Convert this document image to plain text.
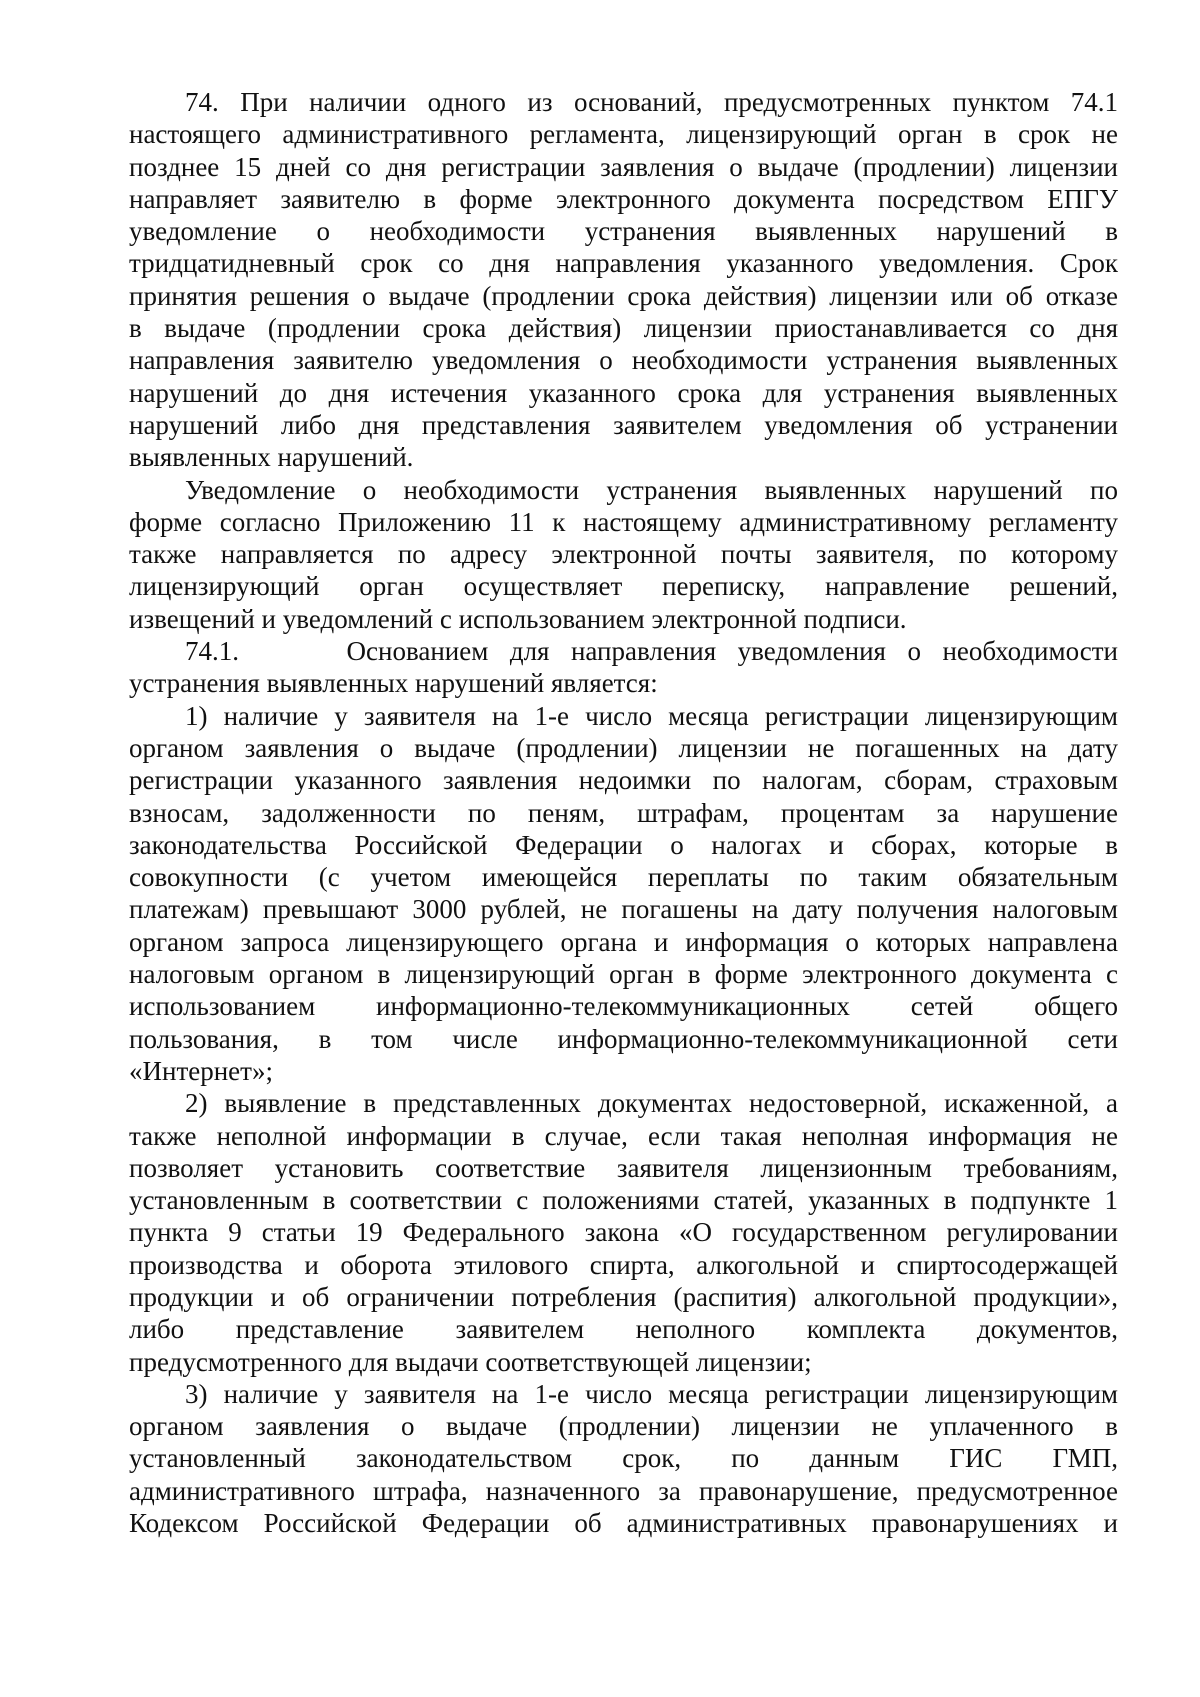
74. При наличии одного из оснований, предусмотренных пунктом 74.1
настоящего административного регламента, лицензирующий орган в срок не
позднее 15 дней со дня регистрации заявления о выдаче (продлении) лицензии
направляет заявителю в форме электронного документа посредством ЕПГУ
уведомление о необходимости устранения выявленных нарушений в
тридцатидневный срок со дня направления указанного уведомления. Срок
принятия решения о выдаче (продлении срока действия) лицензии или об отказе
в выдаче (продлении срока действия) лицензии приостанавливается со дня
направления заявителю уведомления о необходимости устранения выявленных
нарушений до дня истечения указанного срока для устранения выявленных
нарушений либо дня представления заявителем уведомления об устранении
выявленных нарушений.
Уведомление о необходимости устранения выявленных нарушений по
форме согласно Приложению 11 к настоящему административному регламенту
также направляется по адресу электронной почты заявителя, по которому
лицензирующий орган осуществляет переписку, направление решений,
извещений и уведомлений с использованием электронной подписи.
74.1.     Основанием для направления уведомления о необходимости
устранения выявленных нарушений является:
1) наличие у заявителя на 1-е число месяца регистрации лицензирующим
органом заявления о выдаче (продлении) лицензии не погашенных на дату
регистрации указанного заявления недоимки по налогам, сборам, страховым
взносам, задолженности по пеням, штрафам, процентам за нарушение
законодательства Российской Федерации о налогах и сборах, которые в
совокупности (с учетом имеющейся переплаты по таким обязательным
платежам) превышают 3000 рублей, не погашены на дату получения налоговым
органом запроса лицензирующего органа и информация о которых направлена
налоговым органом в лицензирующий орган в форме электронного документа с
использованием информационно-телекоммуникационных сетей общего
пользования, в том числе информационно-телекоммуникационной сети
«Интернет»;
2) выявление в представленных документах недостоверной, искаженной, а
также неполной информации в случае, если такая неполная информация не
позволяет установить соответствие заявителя лицензионным требованиям,
установленным в соответствии с положениями статей, указанных в подпункте 1
пункта 9 статьи 19 Федерального закона «О государственном регулировании
производства и оборота этилового спирта, алкогольной и спиртосодержащей
продукции и об ограничении потребления (распития) алкогольной продукции»,
либо представление заявителем неполного комплекта документов,
предусмотренного для выдачи соответствующей лицензии;
3) наличие у заявителя на 1-е число месяца регистрации лицензирующим
органом заявления о выдаче (продлении) лицензии не уплаченного в
установленный законодательством срок, по данным ГИС ГМП,
административного штрафа, назначенного за правонарушение, предусмотренное
Кодексом Российской Федерации об административных правонарушениях и
